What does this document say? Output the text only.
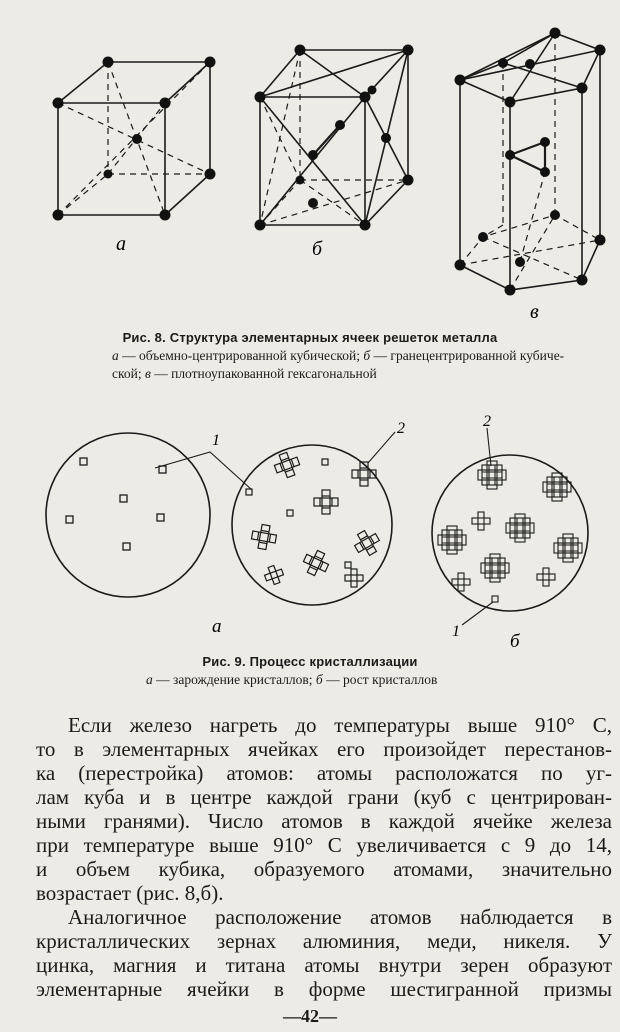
а	б
в
Рис. 8. Структура элементарных ячеек решеток металла
а — объемно-центрированной кубической; б — гранецентрированной кубиче-
ской; в — плотноупакованной гексагональной
1
2	2
1
а
б
Рис. 9. Процесс кристаллизации
а — зарождение кристаллов; б — рост кристаллов
Если железо нагреть до температуры выше 910° С,
то в элементарных ячейках его произойдет перестанов-
ка (перестройка) атомов: атомы расположатся по уг-
лам куба и в центре каждой грани (куб с центрирован-
ными гранями). Число атомов в каждой ячейке железа
при температуре выше 910° С увеличивается с 9 до 14,
и объем кубика, образуемого атомами, значительно
возрастает (рис. 8,б).
Аналогичное расположение атомов наблюдается в
кристаллических зернах алюминия, меди, никеля. У
цинка, магния и титана атомы внутри зерен образуют
элементарные ячейки в форме шестигранной призмы
—42—
